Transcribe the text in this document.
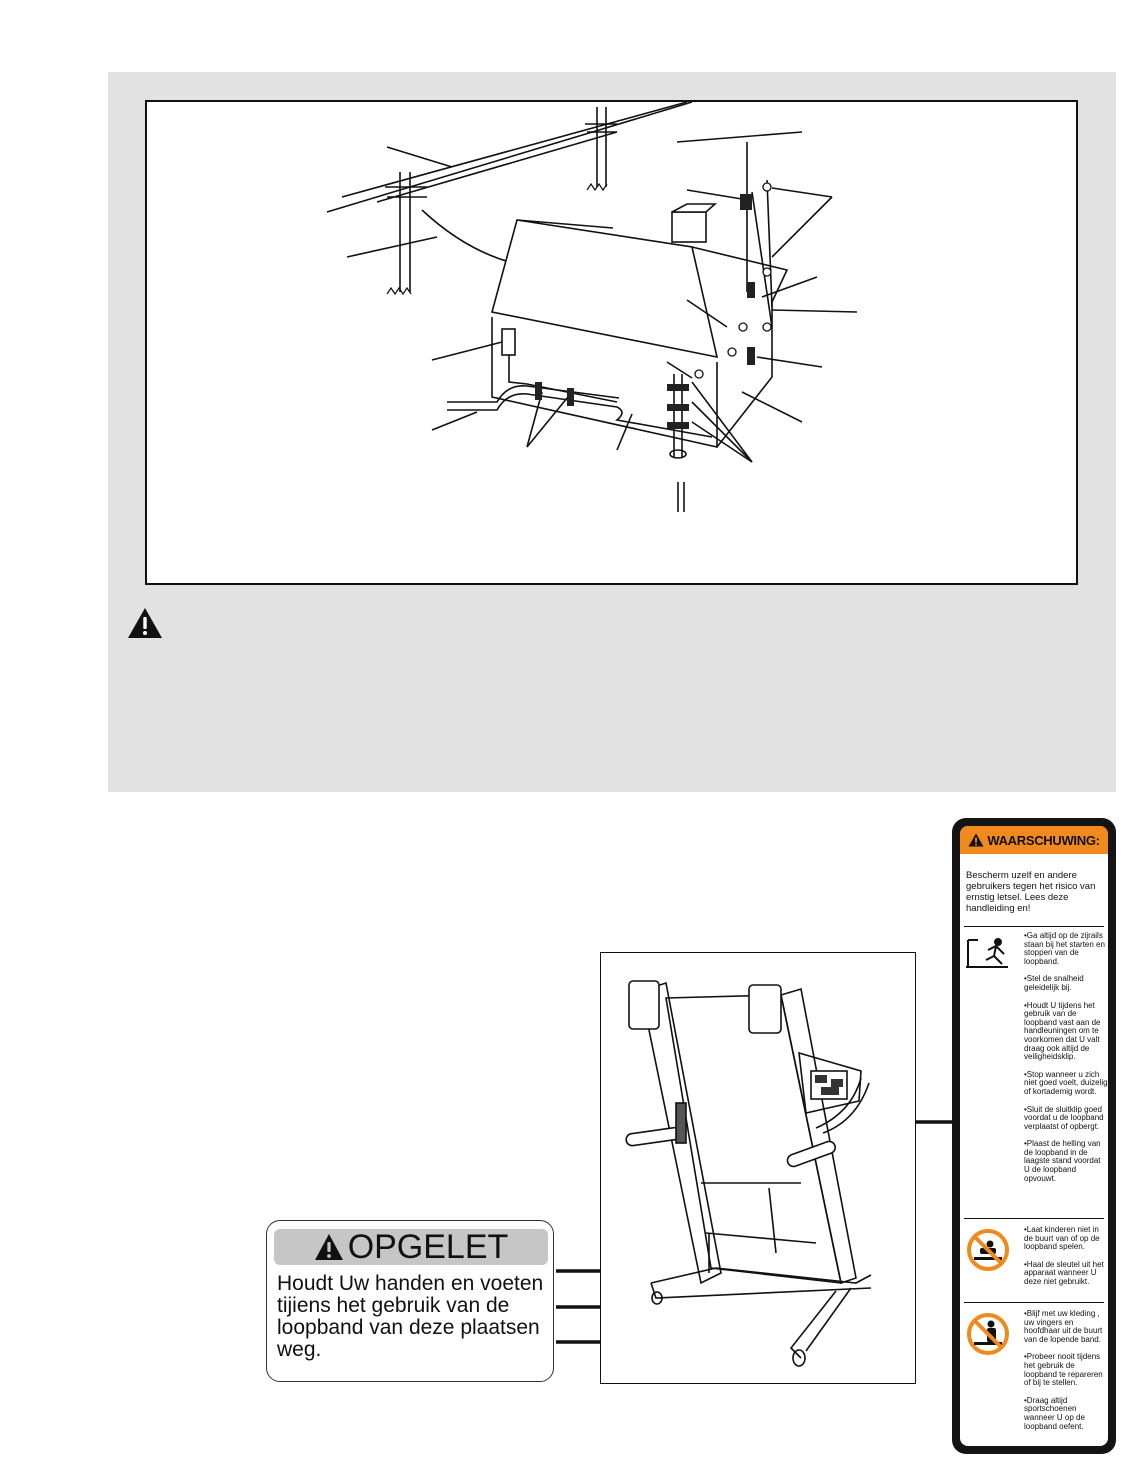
OPGELET

Houdt Uw handen en voeten tijiens het gebruik van de loopband van deze plaatsen weg.

WAARSCHUWING:

Bescherm uzelf en andere gebruikers tegen het risico van ernstig letsel. Lees deze handleiding en!

•Ga altijd op de zijrails staan bij het starten en stoppen van de loopband.
•Stel de snalheid geleidelijk bij.
•Houdt U tijdens het gebruik van de loopband vast aan de handleuningen om te voorkomen dat U valt draag ook altijd de veiligheidsklip.
•Stop wanneer u zich niet goed voelt, duizelig of kortademig wordt.
•Sluit de sluitklip goed voordat u de loopband verplaatst of opbergt.
•Plaast de helling van de loopband in de laagste stand voordat U de loopband opvouwt.
•Laat kinderen niet in de buurt van of op de loopband spelen.
•Haal de sleutel uit het apparaat wanneer U deze niet gebruikt.
•Blijf met uw kleding , uw vingers en hoofdhaar uit de buurt van de lopende band.
•Probeer nooit tijdens het gebruik de loopband te repareren of bij te stellen.
•Draag altijd sportschoenen wanneer U op de loopband oefent.
